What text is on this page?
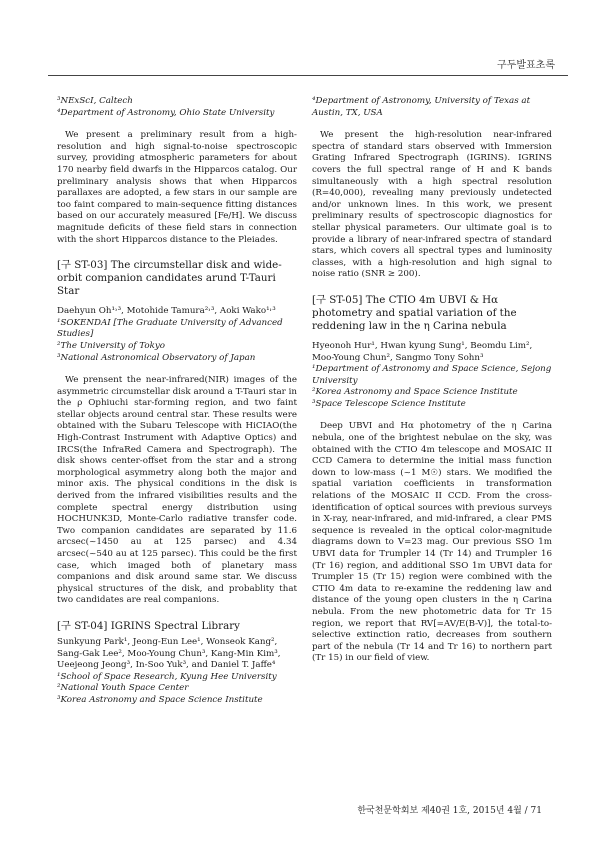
구두발표초록
³NExScI, Caltech
⁴Department of Astronomy, Ohio State University
We present a preliminary result from a high-resolution and high signal-to-noise spectroscopic survey, providing atmospheric parameters for about 170 nearby field dwarfs in the Hipparcos catalog. Our preliminary analysis shows that when Hipparcos parallaxes are adopted, a few stars in our sample are too faint compared to main-sequence fitting distances based on our accurately measured [Fe/H]. We discuss magnitude deficits of these field stars in connection with the short Hipparcos distance to the Pleiades.
[구 ST-03] The circumstellar disk and wide-orbit companion candidates arund T-Tauri Star
Daehyun Oh¹˒³, Motohide Tamura²˒³, Aoki Wako¹˒³
¹SOKENDAI [The Graduate University of Advanced Studies]
²The University of Tokyo
³National Astronomical Observatory of Japan
We prensent the near-infrared(NIR) images of the asymmetric circumstellar disk around a T-Tauri star in the ρ Ophiuchi star-forming region, and two faint stellar objects around central star. These results were obtained with the Subaru Telescope with HiCIAO(the High-Contrast Instrument with Adaptive Optics) and IRCS(the InfraRed Camera and Spectrograph). The disk shows center-offset from the star and a strong morphological asymmetry along both the major and minor axis. The physical conditions in the disk is derived from the infrared visibilities results and the complete spectral energy distribution using HOCHUNK3D, Monte-Carlo radiative transfer code. Two companion candidates are separated by 11.6 arcsec(~1450 au at 125 parsec) and 4.34 arcsec(~540 au at 125 parsec). This could be the first case, which imaged both of planetary mass companions and disk around same star. We discuss physical structures of the disk, and probablity that two candidates are real companions.
[구 ST-04] IGRINS Spectral Library
Sunkyung Park¹, Jeong-Eun Lee¹, Wonseok Kang², Sang-Gak Lee², Moo-Young Chun³, Kang-Min Kim³, Ueejeong Jeong³, In-Soo Yuk³, and Daniel T. Jaffe⁴
¹School of Space Research, Kyung Hee University
²National Youth Space Center
³Korea Astronomy and Space Science Institute
⁴Department of Astronomy, University of Texas at Austin, TX, USA
We present the high-resolution near-infrared spectra of standard stars observed with Immersion Grating Infrared Spectrograph (IGRINS). IGRINS covers the full spectral range of H and K bands simultaneously with a high spectral resolution (R=40,000), revealing many previously undetected and/or unknown lines. In this work, we present preliminary results of spectroscopic diagnostics for stellar physical parameters. Our ultimate goal is to provide a library of near-infrared spectra of standard stars, which covers all spectral types and luminosity classes, with a high-resolution and high signal to noise ratio (SNR ≥ 200).
[구 ST-05] The CTIO 4m UBVI & Hα photometry and spatial variation of the reddening law in the η Carina nebula
Hyeonoh Hur¹, Hwan kyung Sung¹, Beomdu Lim², Moo-Young Chun², Sangmo Tony Sohn³
¹Department of Astronomy and Space Science, Sejong University
²Korea Astronomy and Space Science Institute
³Space Telescope Science Institute
Deep UBVI and Hα photometry of the η Carina nebula, one of the brightest nebulae on the sky, was obtained with the CTIO 4m telescope and MOSAIC II CCD Camera to determine the initial mass function down to low-mass (~1 M☉) stars. We modified the spatial variation coefficients in transformation relations of the MOSAIC II CCD. From the cross-identification of optical sources with previous surveys in X-ray, near-infrared, and mid-infrared, a clear PMS sequence is revealed in the optical color-magnitude diagrams down to V=23 mag. Our previous SSO 1m UBVI data for Trumpler 14 (Tr 14) and Trumpler 16 (Tr 16) region, and additional SSO 1m UBVI data for Trumpler 15 (Tr 15) region were combined with the CTIO 4m data to re-examine the reddening law and distance of the young open clusters in the η Carina nebula. From the new photometric data for Tr 15 region, we report that RV[=AV/E(B-V)], the total-to-selective extinction ratio, decreases from southern part of the nebula (Tr 14 and Tr 16) to northern part (Tr 15) in our field of view.
한국천문학회보 제40권 1호, 2015년 4월 / 71
